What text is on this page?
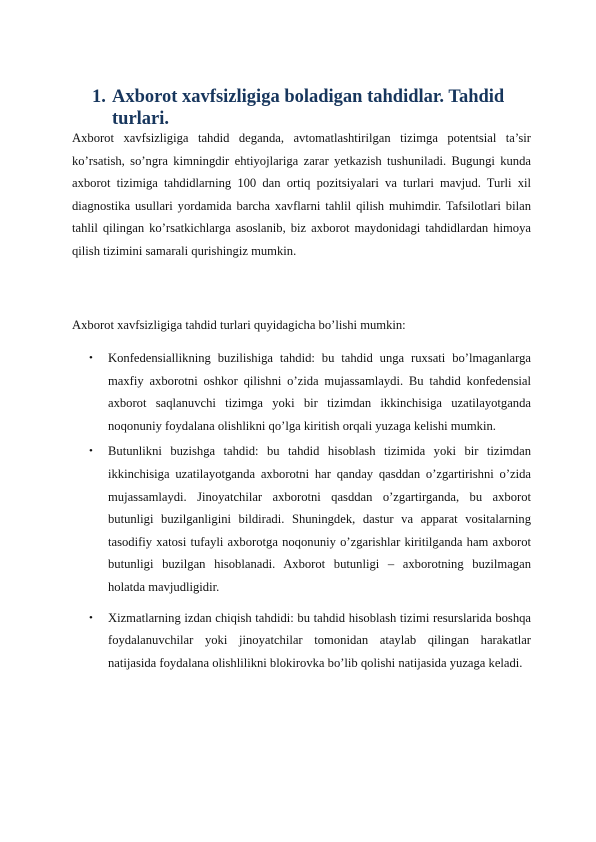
1. Axborot xavfsizligiga boladigan tahdidlar. Tahdid turlari.

Axborot xavfsizligiga tahdid deganda, avtomatlashtirilgan tizimga potentsial ta’sir ko’rsatish, so’ngra kimningdir ehtiyojlariga zarar yetkazish tushuniladi. Bugungi kunda axborot tizimiga tahdidlarning 100 dan ortiq pozitsiyalari va turlari mavjud. Turli xil diagnostika usullari yordamida barcha xavflarni tahlil qilish muhimdir. Tafsilotlari bilan tahlil qilingan ko’rsatkichlarga asoslanib, biz axborot maydonidagi tahdidlardan himoya qilish tizimini samarali qurishingiz mumkin.

Axborot xavfsizligiga tahdid turlari quyidagicha bo’lishi mumkin:

• Konfedensiallikning buzilishiga tahdid: bu tahdid unga ruxsati bo’lmaganlarga maxfiy axborotni oshkor qilishni o’zida mujassamlaydi. Bu tahdid konfedensial axborot saqlanuvchi tizimga yoki bir tizimdan ikkinchisiga uzatilayotganda noqonuniy foydalana olishlikni qo’lga kiritish orqali yuzaga kelishi mumkin.
• Butunlikni buzishga tahdid: bu tahdid hisoblash tizimida yoki bir tizimdan ikkinchisiga uzatilayotganda axborotni har qanday qasddan o’zgartirishni o’zida mujassamlaydi. Jinoyatchilar axborotni qasddan o’zgartirganda, bu axborot butunligi buzilganligini bildiradi. Shuningdek, dastur va apparat vositalarning tasodifiy xatosi tufayli axborotga noqonuniy o’zgarishlar kiritilganda ham axborot butunligi buzilgan hisoblanadi. Axborot butunligi – axborotning buzilmagan holatda mavjudligidir.
• Xizmatlarning izdan chiqish tahdidi: bu tahdid hisoblash tizimi resurslarida boshqa foydalanuvchilar yoki jinoyatchilar tomonidan ataylab qilingan harakatlar natijasida foydalana olishlilikni blokirovka bo’lib qolishi natijasida yuzaga keladi.
